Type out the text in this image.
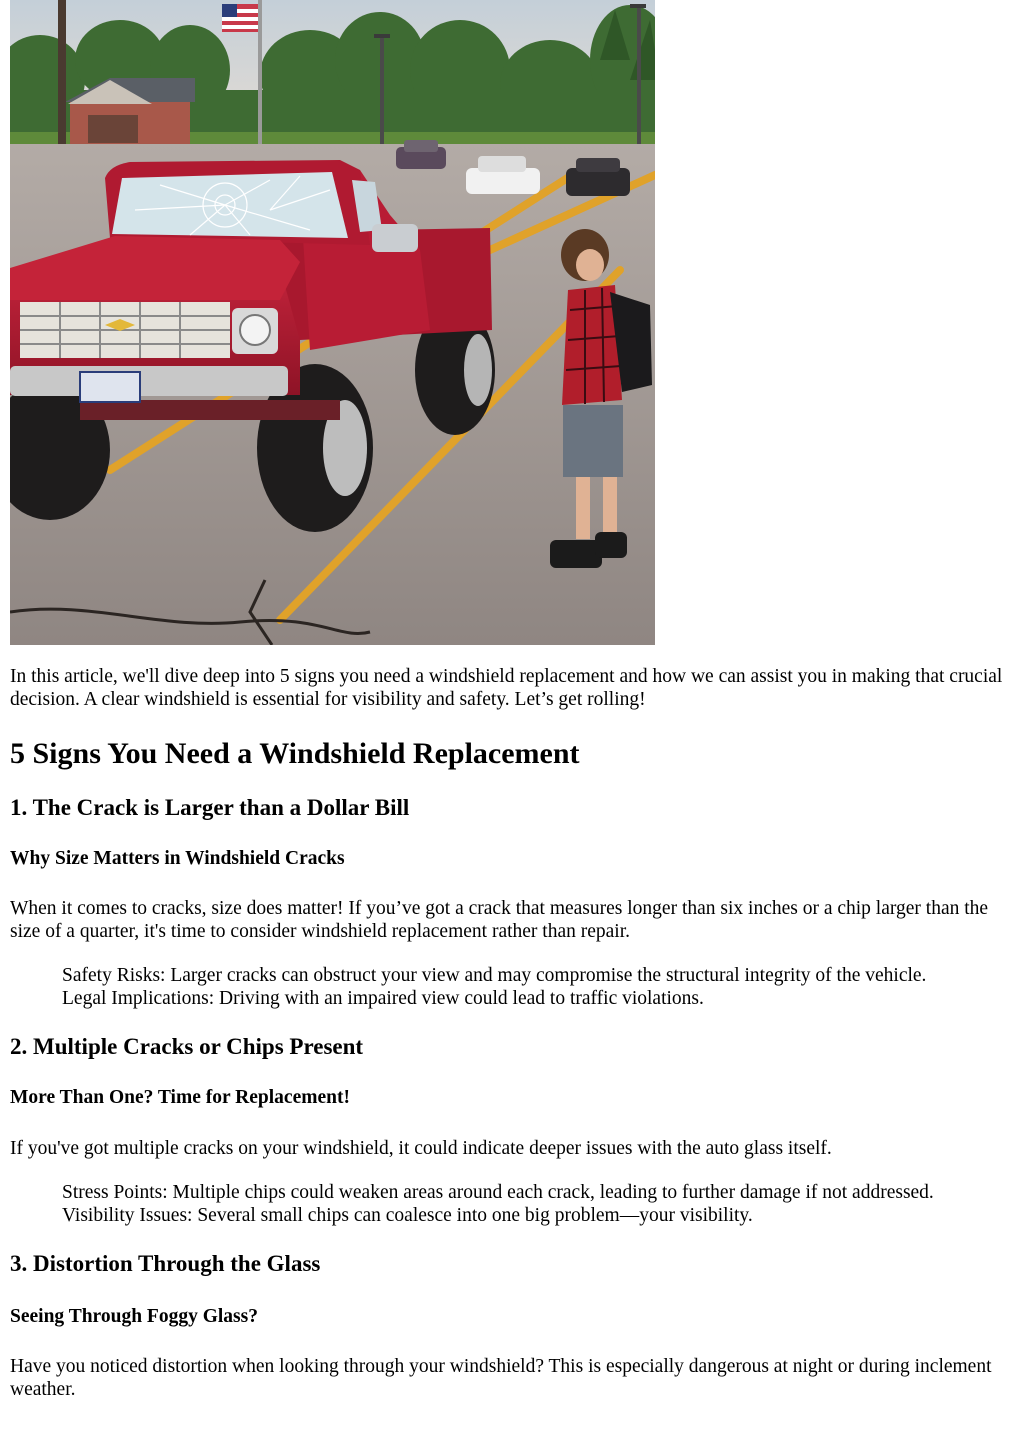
In this article, we'll dive deep into 5 signs you need a windshield replacement and how we can assist you in making that crucial decision. A clear windshield is essential for visibility and safety. Let’s get rolling!

5 Signs You Need a Windshield Replacement
1. The Crack is Larger than a Dollar Bill
Why Size Matters in Windshield Cracks

When it comes to cracks, size does matter! If you’ve got a crack that measures longer than six inches or a chip larger than the size of a quarter, it's time to consider windshield replacement rather than repair.

Safety Risks: Larger cracks can obstruct your view and may compromise the structural integrity of the vehicle.
Legal Implications: Driving with an impaired view could lead to traffic violations.
2. Multiple Cracks or Chips Present
More Than One? Time for Replacement!

If you've got multiple cracks on your windshield, it could indicate deeper issues with the auto glass itself.

Stress Points: Multiple chips could weaken areas around each crack, leading to further damage if not addressed.
Visibility Issues: Several small chips can coalesce into one big problem—your visibility.
3. Distortion Through the Glass
Seeing Through Foggy Glass?

Have you noticed distortion when looking through your windshield? This is especially dangerous at night or during inclement weather.
